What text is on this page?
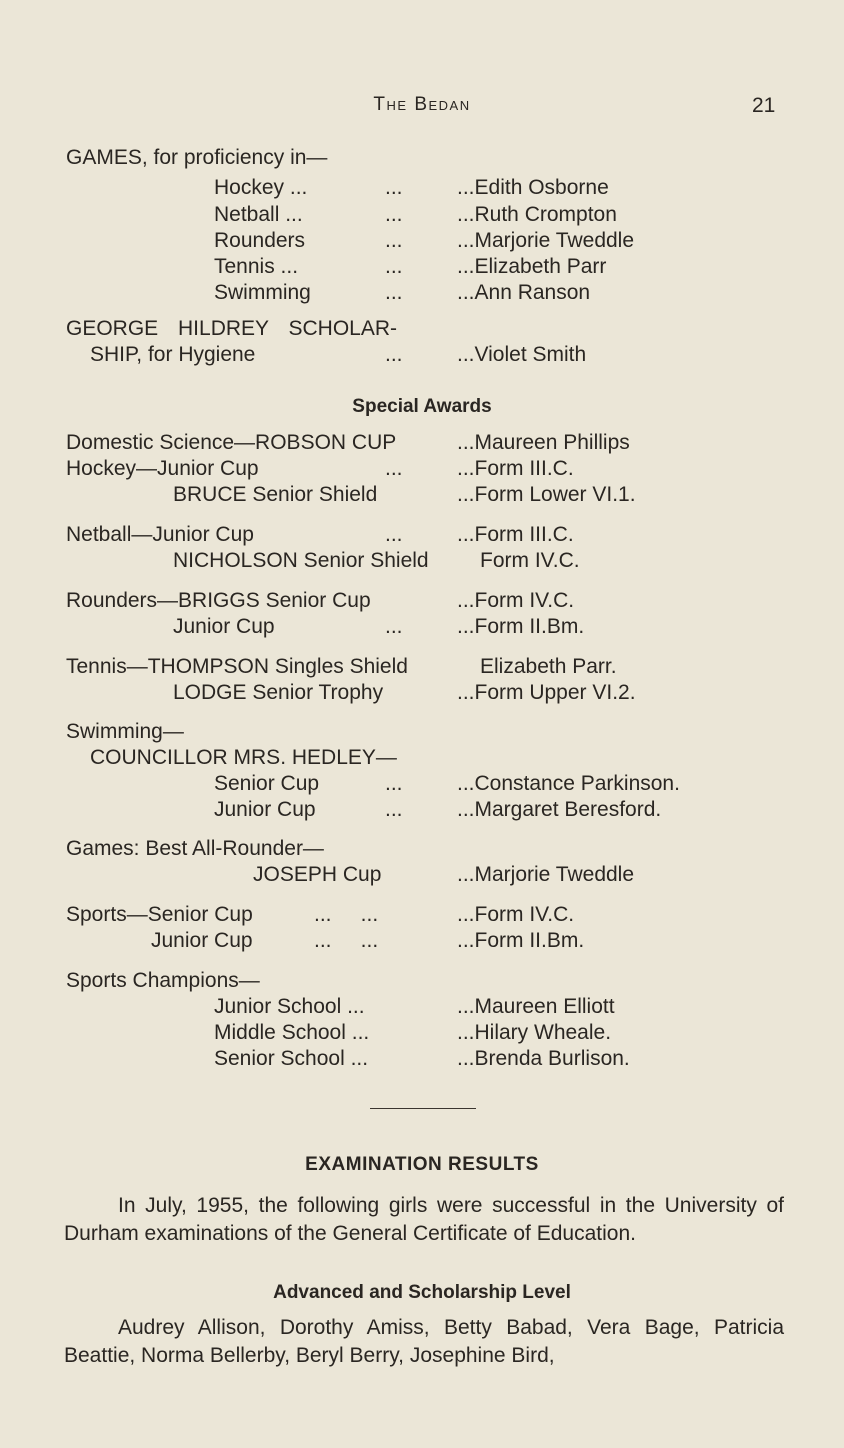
The Bedan	21
GAMES, for proficiency in—
Hockey ...	...	...Edith Osborne
Netball ...	...	...Ruth Crompton
Rounders	...	...Marjorie Tweddle
Tennis ...	...	...Elizabeth Parr
Swimming	...	...Ann Ranson
GEORGE HILDREY SCHOLAR-
SHIP, for Hygiene	...	...Violet Smith
Special Awards
Domestic Science—ROBSON CUP	...Maureen Phillips
Hockey—Junior Cup	...	...Form III.C.
BRUCE Senior Shield	...Form Lower VI.1.
Netball—Junior Cup	...	...Form III.C.
NICHOLSON Senior Shield Form IV.C.
Rounders—BRIGGS Senior Cup	...Form IV.C.
Junior Cup	...	...Form II.Bm.
Tennis—THOMPSON Singles Shield	Elizabeth Parr.
LODGE Senior Trophy	...Form Upper VI.2.
Swimming—
COUNCILLOR MRS. HEDLEY—
Senior Cup	...	...Constance Parkinson.
Junior Cup	...	...Margaret Beresford.
Games: Best All-Rounder—
JOSEPH Cup	...Marjorie Tweddle
Sports—Senior Cup	...     ...	...Form IV.C.
Junior Cup	...     ...	...Form II.Bm.
Sports Champions—
Junior School ...	...Maureen Elliott
Middle School ...	...Hilary Wheale.
Senior School ...	...Brenda Burlison.
EXAMINATION RESULTS
In July, 1955, the following girls were successful in the University of Durham examinations of the General Certificate of Education.
Advanced and Scholarship Level
Audrey Allison, Dorothy Amiss, Betty Babad, Vera Bage, Patricia Beattie, Norma Bellerby, Beryl Berry, Josephine Bird,
